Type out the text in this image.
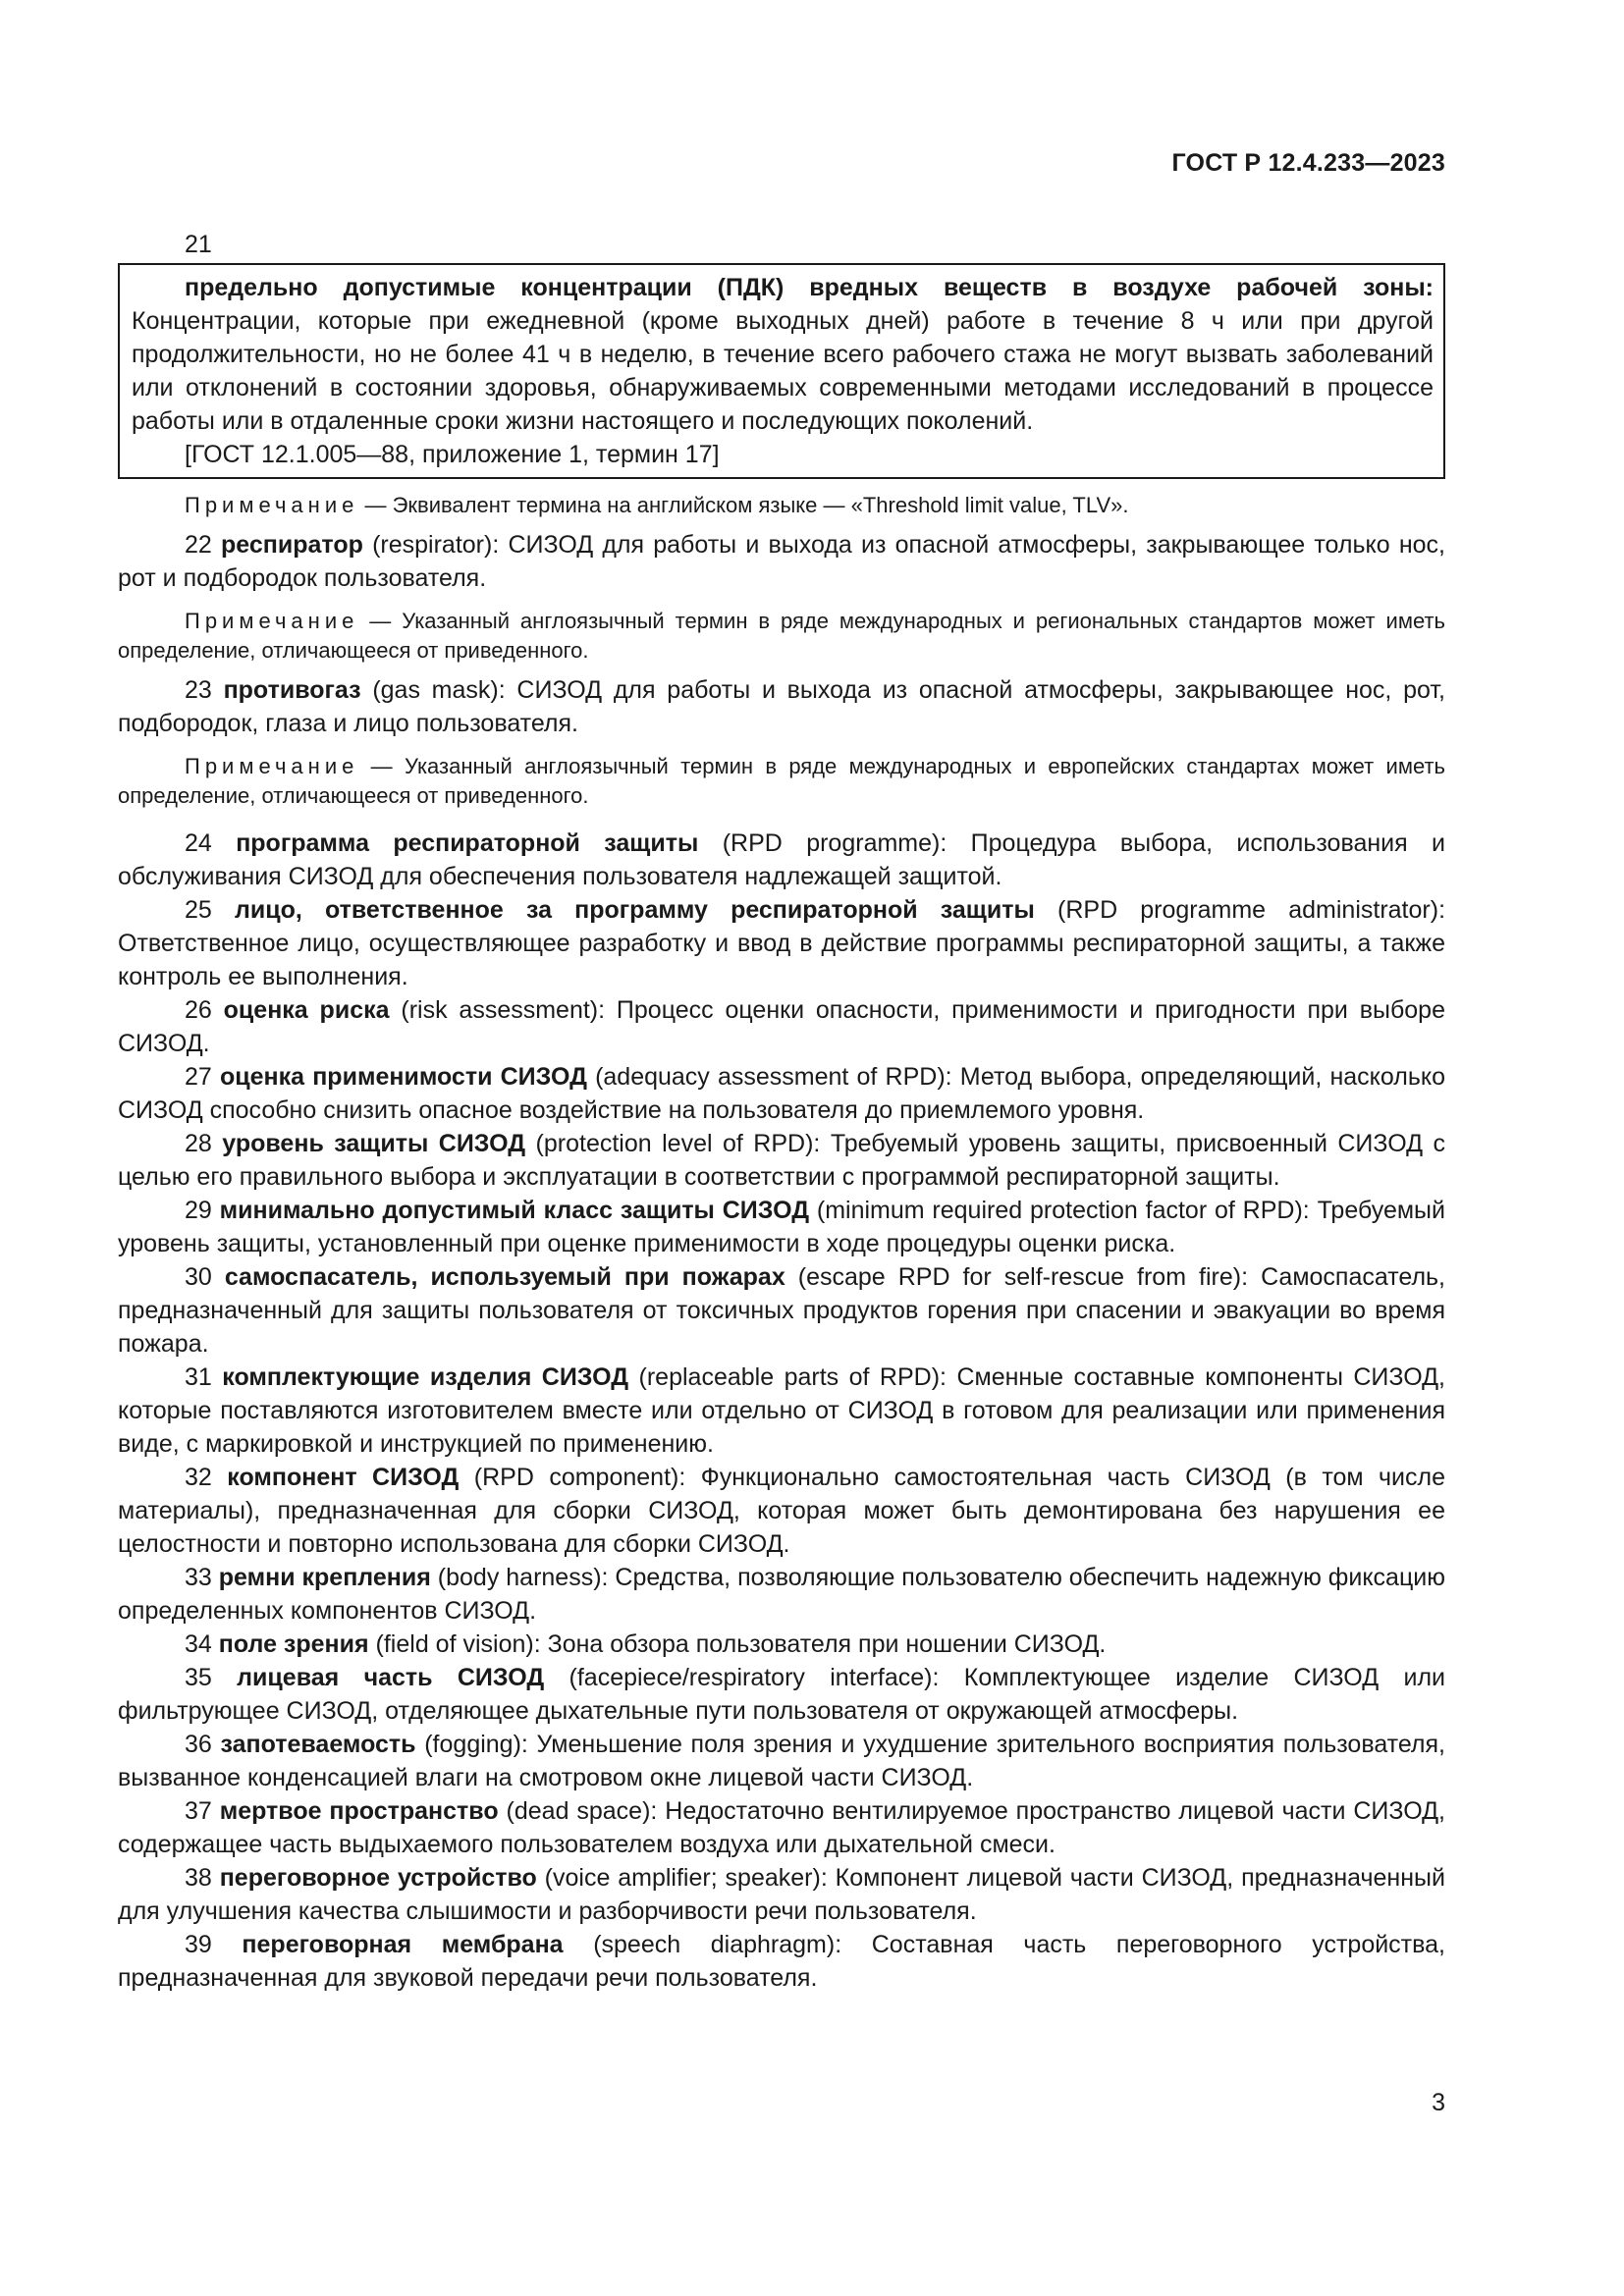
ГОСТ Р 12.4.233—2023
21

предельно допустимые концентрации (ПДК) вредных веществ в воздухе рабочей зоны: Концентрации, которые при ежедневной (кроме выходных дней) работе в течение 8 ч или при другой продолжительности, но не более 41 ч в неделю, в течение всего рабочего стажа не могут вызвать заболеваний или отклонений в состоянии здоровья, обнаруживаемых современными методами исследований в процессе работы или в отдаленные сроки жизни настоящего и последующих поколений.

[ГОСТ 12.1.005—88, приложение 1, термин 17]

Примечание — Эквивалент термина на английском языке — «Threshold limit value, TLV».

22 респиратор (respirator): СИЗОД для работы и выхода из опасной атмосферы, закрывающее только нос, рот и подбородок пользователя.

Примечание — Указанный англоязычный термин в ряде международных и региональных стандартов может иметь определение, отличающееся от приведенного.

23 противогаз (gas mask): СИЗОД для работы и выхода из опасной атмосферы, закрывающее нос, рот, подбородок, глаза и лицо пользователя.

Примечание — Указанный англоязычный термин в ряде международных и европейских стандартах может иметь определение, отличающееся от приведенного.

24 программа респираторной защиты (RPD programme): Процедура выбора, использования и обслуживания СИЗОД для обеспечения пользователя надлежащей защитой.

25 лицо, ответственное за программу респираторной защиты (RPD programme administrator): Ответственное лицо, осуществляющее разработку и ввод в действие программы респираторной защиты, а также контроль ее выполнения.

26 оценка риска (risk assessment): Процесс оценки опасности, применимости и пригодности при выборе СИЗОД.

27 оценка применимости СИЗОД (adequacy assessment of RPD): Метод выбора, определяющий, насколько СИЗОД способно снизить опасное воздействие на пользователя до приемлемого уровня.

28 уровень защиты СИЗОД (protection level of RPD): Требуемый уровень защиты, присвоенный СИЗОД с целью его правильного выбора и эксплуатации в соответствии с программой респираторной защиты.

29 минимально допустимый класс защиты СИЗОД (minimum required protection factor of RPD): Требуемый уровень защиты, установленный при оценке применимости в ходе процедуры оценки риска.

30 самоспасатель, используемый при пожарах (escape RPD for self-rescue from fire): Самоспасатель, предназначенный для защиты пользователя от токсичных продуктов горения при спасении и эвакуации во время пожара.

31 комплектующие изделия СИЗОД (replaceable parts of RPD): Сменные составные компоненты СИЗОД, которые поставляются изготовителем вместе или отдельно от СИЗОД в готовом для реализации или применения виде, с маркировкой и инструкцией по применению.

32 компонент СИЗОД (RPD component): Функционально самостоятельная часть СИЗОД (в том числе материалы), предназначенная для сборки СИЗОД, которая может быть демонтирована без нарушения ее целостности и повторно использована для сборки СИЗОД.

33 ремни крепления (body harness): Средства, позволяющие пользователю обеспечить надежную фиксацию определенных компонентов СИЗОД.

34 поле зрения (field of vision): Зона обзора пользователя при ношении СИЗОД.

35 лицевая часть СИЗОД (facepiece/respiratory interface): Комплектующее изделие СИЗОД или фильтрующее СИЗОД, отделяющее дыхательные пути пользователя от окружающей атмосферы.

36 запотеваемость (fogging): Уменьшение поля зрения и ухудшение зрительного восприятия пользователя, вызванное конденсацией влаги на смотровом окне лицевой части СИЗОД.

37 мертвое пространство (dead space): Недостаточно вентилируемое пространство лицевой части СИЗОД, содержащее часть выдыхаемого пользователем воздуха или дыхательной смеси.

38 переговорное устройство (voice amplifier; speaker): Компонент лицевой части СИЗОД, предназначенный для улучшения качества слышимости и разборчивости речи пользователя.

39 переговорная мембрана (speech diaphragm): Составная часть переговорного устройства, предназначенная для звуковой передачи речи пользователя.

3
